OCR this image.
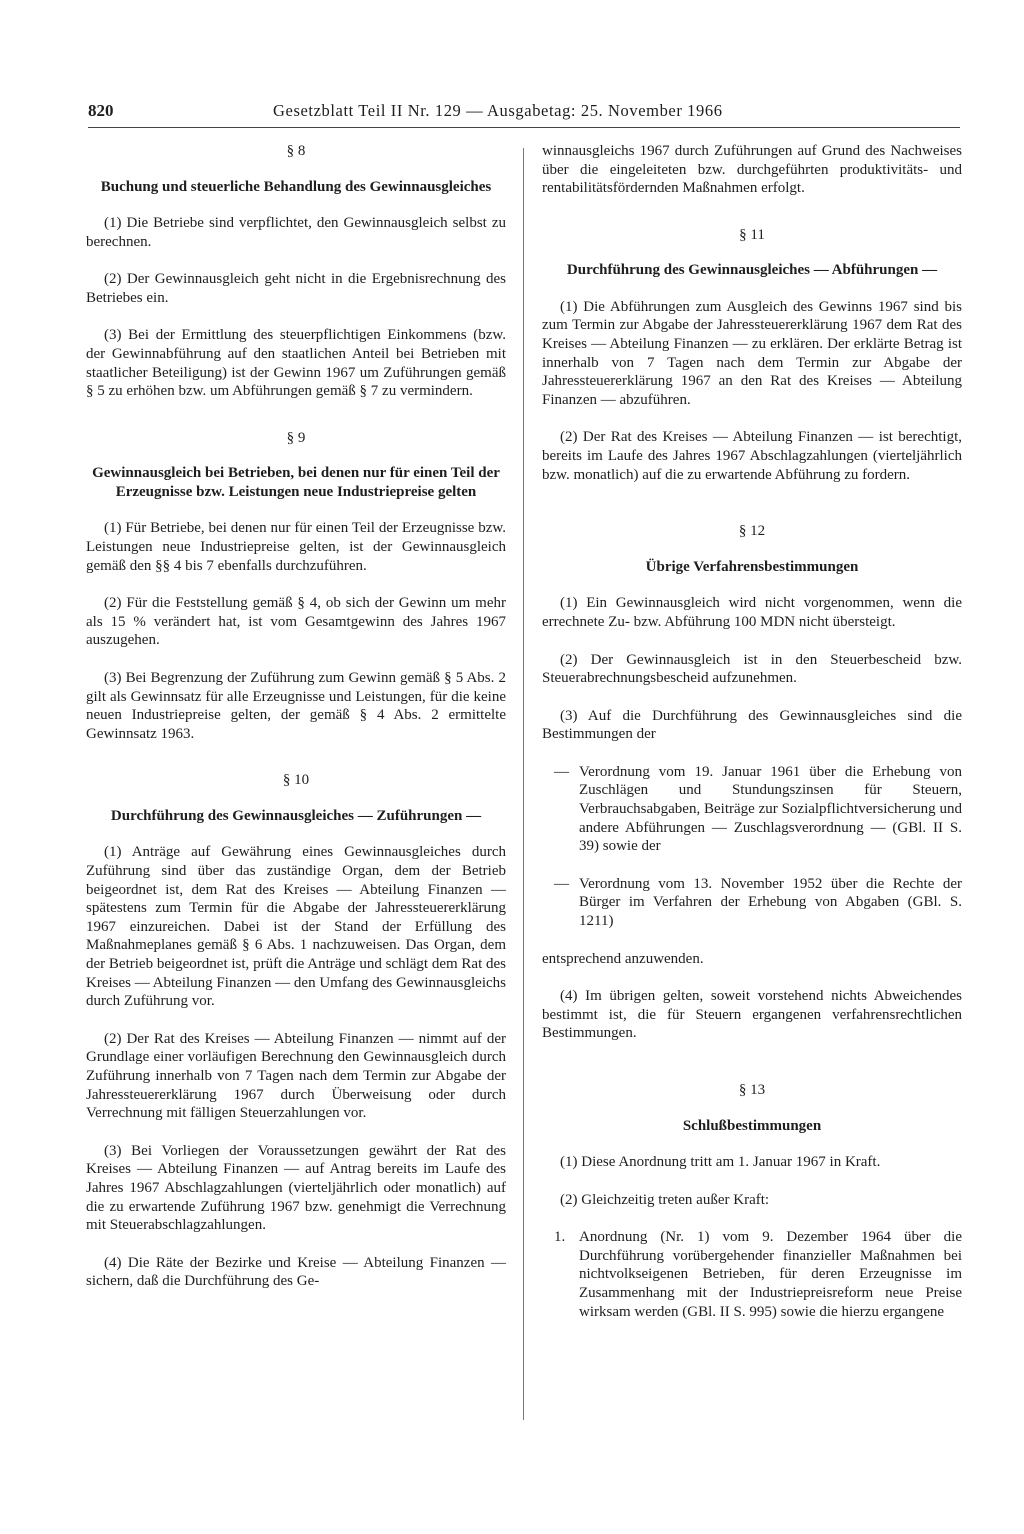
820	Gesetzblatt Teil II Nr. 129 — Ausgabetag: 25. November 1966

§ 8

Buchung und steuerliche Behandlung des Gewinnausgleiches

(1) Die Betriebe sind verpflichtet, den Gewinnausgleich selbst zu berechnen.

(2) Der Gewinnausgleich geht nicht in die Ergebnisrechnung des Betriebes ein.

(3) Bei der Ermittlung des steuerpflichtigen Einkommens (bzw. der Gewinnabführung auf den staatlichen Anteil bei Betrieben mit staatlicher Beteiligung) ist der Gewinn 1967 um Zuführungen gemäß § 5 zu erhöhen bzw. um Abführungen gemäß § 7 zu vermindern.

§ 9

Gewinnausgleich bei Betrieben, bei denen nur für einen Teil der Erzeugnisse bzw. Leistungen neue Industriepreise gelten

(1) Für Betriebe, bei denen nur für einen Teil der Erzeugnisse bzw. Leistungen neue Industriepreise gelten, ist der Gewinnausgleich gemäß den §§ 4 bis 7 ebenfalls durchzuführen.

(2) Für die Feststellung gemäß § 4, ob sich der Gewinn um mehr als 15 % verändert hat, ist vom Gesamtgewinn des Jahres 1967 auszugehen.

(3) Bei Begrenzung der Zuführung zum Gewinn gemäß § 5 Abs. 2 gilt als Gewinnsatz für alle Erzeugnisse und Leistungen, für die keine neuen Industriepreise gelten, der gemäß § 4 Abs. 2 ermittelte Gewinnsatz 1963.

§ 10

Durchführung des Gewinnausgleiches — Zuführungen —

(1) Anträge auf Gewährung eines Gewinnausgleiches durch Zuführung sind über das zuständige Organ, dem der Betrieb beigeordnet ist, dem Rat des Kreises — Abteilung Finanzen — spätestens zum Termin für die Abgabe der Jahressteuererklärung 1967 einzureichen. Dabei ist der Stand der Erfüllung des Maßnahmeplanes gemäß § 6 Abs. 1 nachzuweisen. Das Organ, dem der Betrieb beigeordnet ist, prüft die Anträge und schlägt dem Rat des Kreises — Abteilung Finanzen — den Umfang des Gewinnausgleichs durch Zuführung vor.

(2) Der Rat des Kreises — Abteilung Finanzen — nimmt auf der Grundlage einer vorläufigen Berechnung den Gewinnausgleich durch Zuführung innerhalb von 7 Tagen nach dem Termin zur Abgabe der Jahressteuererklärung 1967 durch Überweisung oder durch Verrechnung mit fälligen Steuerzahlungen vor.

(3) Bei Vorliegen der Voraussetzungen gewährt der Rat des Kreises — Abteilung Finanzen — auf Antrag bereits im Laufe des Jahres 1967 Abschlagzahlungen (vierteljährlich oder monatlich) auf die zu erwartende Zuführung 1967 bzw. genehmigt die Verrechnung mit Steuerabschlagzahlungen.

(4) Die Räte der Bezirke und Kreise — Abteilung Finanzen — sichern, daß die Durchführung des Ge-

winnausgleichs 1967 durch Zuführungen auf Grund des Nachweises über die eingeleiteten bzw. durchgeführten produktivitäts- und rentabilitätsfördernden Maßnahmen erfolgt.

§ 11

Durchführung des Gewinnausgleiches — Abführungen —

(1) Die Abführungen zum Ausgleich des Gewinns 1967 sind bis zum Termin zur Abgabe der Jahressteuererklärung 1967 dem Rat des Kreises — Abteilung Finanzen — zu erklären. Der erklärte Betrag ist innerhalb von 7 Tagen nach dem Termin zur Abgabe der Jahressteuererklärung 1967 an den Rat des Kreises — Abteilung Finanzen — abzuführen.

(2) Der Rat des Kreises — Abteilung Finanzen — ist berechtigt, bereits im Laufe des Jahres 1967 Abschlagzahlungen (vierteljährlich bzw. monatlich) auf die zu erwartende Abführung zu fordern.

§ 12

Übrige Verfahrensbestimmungen

(1) Ein Gewinnausgleich wird nicht vorgenommen, wenn die errechnete Zu- bzw. Abführung 100 MDN nicht übersteigt.

(2) Der Gewinnausgleich ist in den Steuerbescheid bzw. Steuerabrechnungsbescheid aufzunehmen.

(3) Auf die Durchführung des Gewinnausgleiches sind die Bestimmungen der

— Verordnung vom 19. Januar 1961 über die Erhebung von Zuschlägen und Stundungszinsen für Steuern, Verbrauchsabgaben, Beiträge zur Sozialpflichtversicherung und andere Abführungen — Zuschlagsverordnung — (GBl. II S. 39) sowie der

— Verordnung vom 13. November 1952 über die Rechte der Bürger im Verfahren der Erhebung von Abgaben (GBl. S. 1211)

entsprechend anzuwenden.

(4) Im übrigen gelten, soweit vorstehend nichts Abweichendes bestimmt ist, die für Steuern ergangenen verfahrensrechtlichen Bestimmungen.

§ 13

Schlußbestimmungen

(1) Diese Anordnung tritt am 1. Januar 1967 in Kraft.

(2) Gleichzeitig treten außer Kraft:

1. Anordnung (Nr. 1) vom 9. Dezember 1964 über die Durchführung vorübergehender finanzieller Maßnahmen bei nichtvolkseigenen Betrieben, für deren Erzeugnisse im Zusammenhang mit der Industriepreisreform neue Preise wirksam werden (GBl. II S. 995) sowie die hierzu ergangene
